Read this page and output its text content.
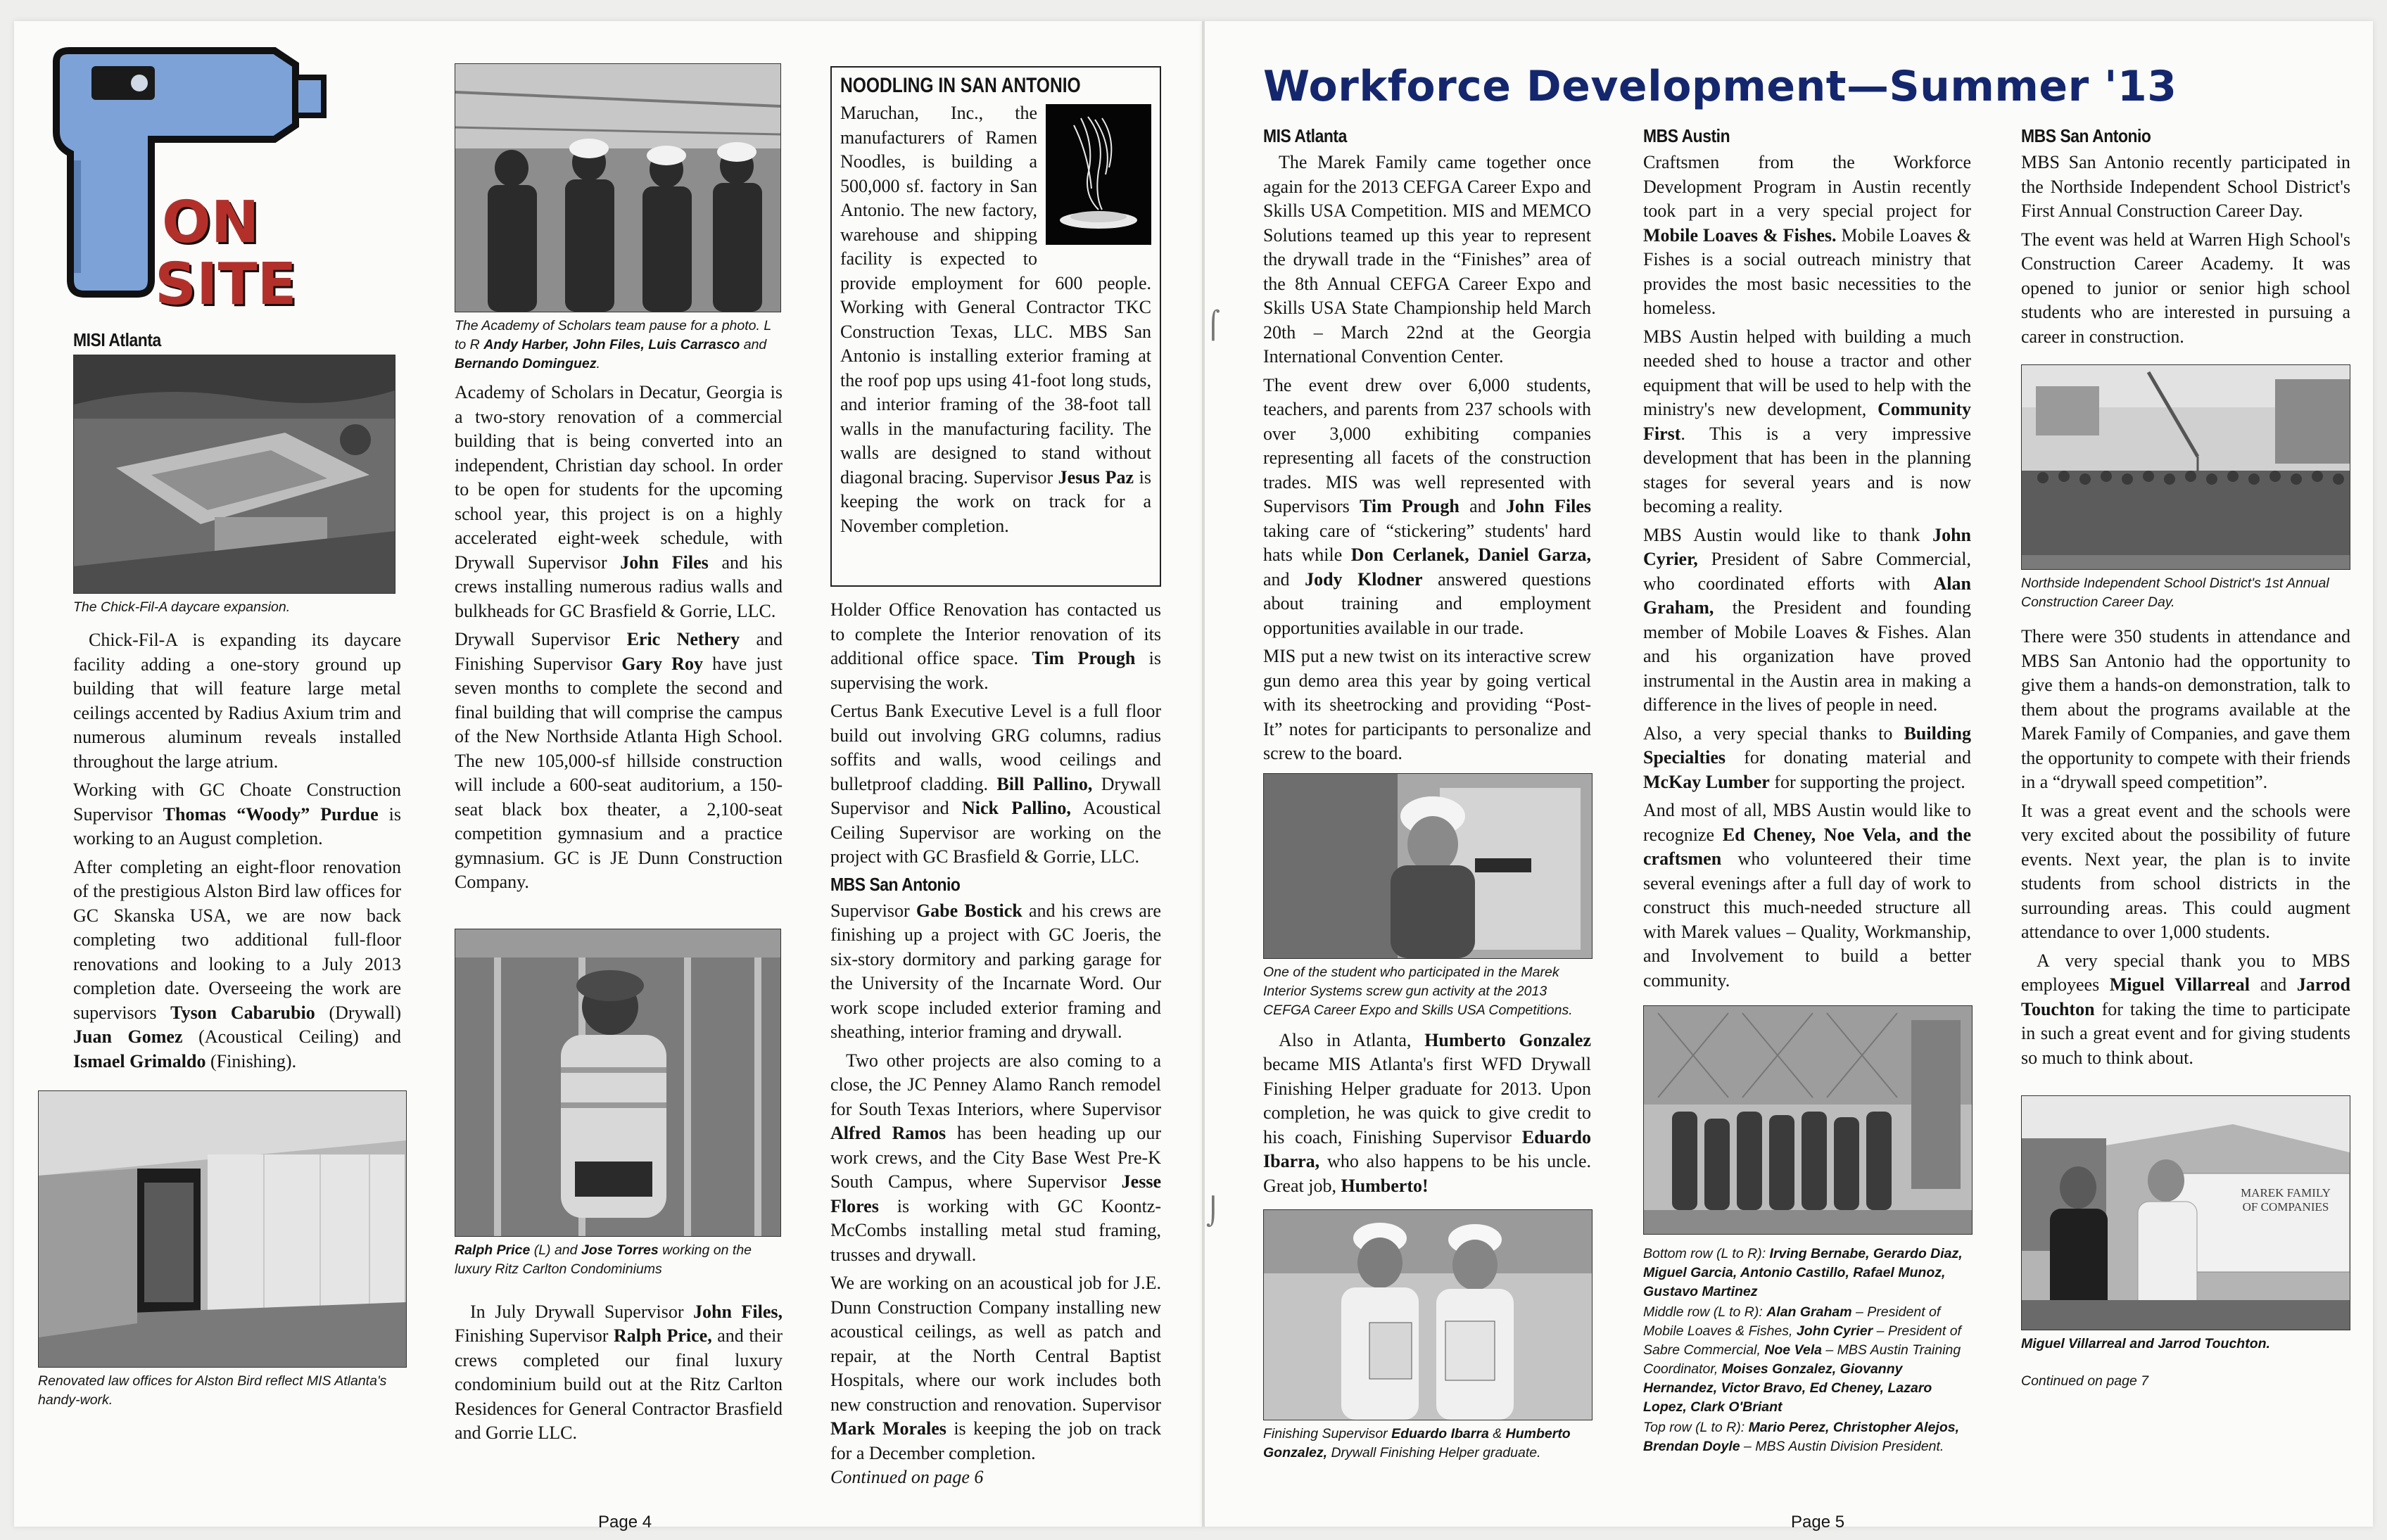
ON
SITE
MISI Atlanta
The Chick-Fil-A daycare expansion.

Chick-Fil-A is expanding its daycare facility adding a one-story ground up building that will feature large metal ceilings accented by Radius Axium trim and numerous aluminum reveals installed throughout the large atrium.

Working with GC Choate Construction Supervisor Thomas “Woody” Purdue is working to an August completion.

After completing an eight-floor renovation of the prestigious Alston Bird law offices for GC Skanska USA, we are now back completing two additional full-floor renovations and looking to a July 2013 completion date. Overseeing the work are supervisors Tyson Cabarubio (Drywall) Juan Gomez (Acoustical Ceiling) and Ismael Grimaldo (Finishing).

Renovated law offices for Alston Bird reflect MIS Atlanta's handy-work.
The Academy of Scholars team pause for a photo. L to R Andy Harber, John Files, Luis Carrasco and Bernando Dominguez.

Academy of Scholars in Decatur, Georgia is a two-story renovation of a commercial building that is being converted into an independent, Christian day school. In order to be open for students for the upcoming school year, this project is on a highly accelerated eight-week schedule, with Drywall Supervisor John Files and his crews installing numerous radius walls and bulkheads for GC Brasfield & Gorrie, LLC.

Drywall Supervisor Eric Nethery and Finishing Supervisor Gary Roy have just seven months to complete the second and final building that will comprise the campus of the New Northside Atlanta High School. The new 105,000-sf hillside construction will include a 600-seat auditorium, a 150-seat black box theater, a 2,100-seat competition gymnasium and a practice gymnasium. GC is JE Dunn Construction Company.

Ralph Price (L) and Jose Torres working on the luxury Ritz Carlton Condominiums

In July Drywall Supervisor John Files, Finishing Supervisor Ralph Price, and their crews completed our final luxury condominium build out at the Ritz Carlton Residences for General Contractor Brasfield and Gorrie LLC.

NOODLING IN SAN ANTONIO
Maruchan, Inc., the manufacturers of Ramen Noodles, is building a 500,000 sf. factory in San Antonio. The new factory, warehouse and shipping facility is expected to provide employment for 600 people. Working with General Contractor TKC Construction Texas, LLC. MBS San Antonio is installing exterior framing at the roof pop ups using 41-foot long studs, and interior framing of the 38-foot tall walls in the manufacturing facility. The walls are designed to stand without diagonal bracing. Supervisor Jesus Paz is keeping the work on track for a November completion.

Holder Office Renovation has contacted us to complete the Interior renovation of its additional office space. Tim Prough is supervising the work.

Certus Bank Executive Level is a full floor build out involving GRG columns, radius soffits and walls, wood ceilings and bulletproof cladding. Bill Pallino, Drywall Supervisor and Nick Pallino, Acoustical Ceiling Supervisor are working on the project with GC Brasfield & Gorrie, LLC.

MBS San Antonio

Supervisor Gabe Bostick and his crews are finishing up a project with GC Joeris, the six-story dormitory and parking garage for the University of the Incarnate Word. Our work scope included exterior framing and sheathing, interior framing and drywall.

Two other projects are also coming to a close, the JC Penney Alamo Ranch remodel for South Texas Interiors, where Supervisor Alfred Ramos has been heading up our work crews, and the City Base West Pre-K South Campus, where Supervisor Jesse Flores is working with GC Koontz-McCombs installing metal stud framing, trusses and drywall.

We are working on an acoustical job for J.E. Dunn Construction Company installing new acoustical ceilings, as well as patch and repair, at the North Central Baptist Hospitals, where our work includes both new construction and renovation. Supervisor Mark Morales is keeping the job on track for a December completion.
Continued on page 6

⌠
⌡
Workforce Development—Summer '13
MIS Atlanta

The Marek Family came together once again for the 2013 CEFGA Career Expo and Skills USA Competition. MIS and MEMCO Solutions teamed up this year to represent the drywall trade in the “Finishes” area of the 8th Annual CEFGA Career Expo and Skills USA State Championship held March 20th – March 22nd at the Georgia International Convention Center.

The event drew over 6,000 students, teachers, and parents from 237 schools with over 3,000 exhibiting companies representing all facets of the construction trades. MIS was well represented with Supervisors Tim Prough and John Files taking care of “stickering” students' hard hats while Don Cerlanek, Daniel Garza, and Jody Klodner answered questions about training and employment opportunities available in our trade.

MIS put a new twist on its interactive screw gun demo area this year by going vertical with its sheetrocking and providing “Post-It” notes for participants to personalize and screw to the board.

One of the student who participated in the Marek Interior Systems screw gun activity at the 2013 CEFGA Career Expo and Skills USA Competitions.

Also in Atlanta, Humberto Gonzalez became MIS Atlanta's first WFD Drywall Finishing Helper graduate for 2013. Upon completion, he was quick to give credit to his coach, Finishing Supervisor Eduardo Ibarra, who also happens to be his uncle. Great job, Humberto!

Finishing Supervisor Eduardo Ibarra & Humberto Gonzalez, Drywall Finishing Helper graduate.
MBS Austin

Craftsmen from the Workforce Development Program in Austin recently took part in a very special project for Mobile Loaves & Fishes. Mobile Loaves & Fishes is a social outreach ministry that provides the most basic necessities to the homeless.

MBS Austin helped with building a much needed shed to house a tractor and other equipment that will be used to help with the ministry's new development, Community First. This is a very impressive development that has been in the planning stages for several years and is now becoming a reality.

MBS Austin would like to thank John Cyrier, President of Sabre Commercial, who coordinated efforts with Alan Graham, the President and founding member of Mobile Loaves & Fishes. Alan and his organization have proved instrumental in the Austin area in making a difference in the lives of people in need.

Also, a very special thanks to Building Specialties for donating material and McKay Lumber for supporting the project.

And most of all, MBS Austin would like to recognize Ed Cheney, Noe Vela, and the craftsmen who volunteered their time several evenings after a full day of work to construct this much-needed structure all with Marek values – Quality, Workmanship, and Involvement to build a better community.

Bottom row (L to R): Irving Bernabe, Gerardo Diaz, Miguel Garcia, Antonio Castillo, Rafael Munoz, Gustavo Martinez
Middle row (L to R): Alan Graham – President of Mobile Loaves & Fishes, John Cyrier – President of Sabre Commercial, Noe Vela – MBS Austin Training Coordinator, Moises Gonzalez, Giovanny Hernandez, Victor Bravo, Ed Cheney, Lazaro Lopez, Clark O'Briant
Top row (L to R): Mario Perez, Christopher Alejos, Brendan Doyle – MBS Austin Division President.
MBS San Antonio

MBS San Antonio recently participated in the Northside Independent School District's First Annual Construction Career Day.

The event was held at Warren High School's Construction Career Academy. It was opened to junior or senior high school students who are interested in pursuing a career in construction.

Northside Independent School District's 1st Annual Construction Career Day.

There were 350 students in attendance and MBS San Antonio had the opportunity to give them a hands-on demonstration, talk to them about the programs available at the Marek Family of Companies, and gave them the opportunity to compete with their friends in a “drywall speed competition”.

It was a great event and the schools were very excited about the possibility of future events. Next year, the plan is to invite students from school districts in the surrounding areas. This could augment attendance to over 1,000 students.

A very special thank you to MBS employees Miguel Villarreal and Jarrod Touchton for taking the time to participate in such a great event and for giving students so much to think about.

MAREK FAMILY
OF COMPANIES
Miguel Villarreal and Jarrod Touchton.
Continued on page 7
Page 4	Page 5
